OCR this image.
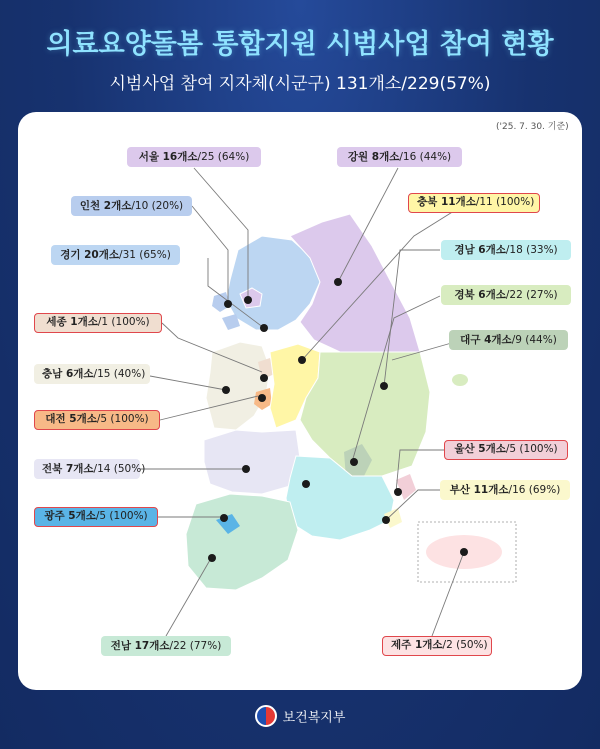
의료요양돌봄 통합지원 시범사업 참여 현황
시범사업 참여 지자체(시군구) 131개소/229(57%)
('25. 7. 30. 기준)
서울 16개소/25 (64%)	강원 8개소/16 (44%)
인천 2개소/10 (20%)	충북 11개소/11 (100%)
경기 20개소/31 (65%)	경남 6개소/18 (33%)
경북 6개소/22 (27%)
세종 1개소/1 (100%)
대구 4개소/9 (44%)
충남 6개소/15 (40%)
대전 5개소/5 (100%)
전북 7개소/14 (50%)
울산 5개소/5 (100%)
부산 11개소/16 (69%)
광주 5개소/5 (100%)
전남 17개소/22 (77%)	제주 1개소/2 (50%)
보건복지부
